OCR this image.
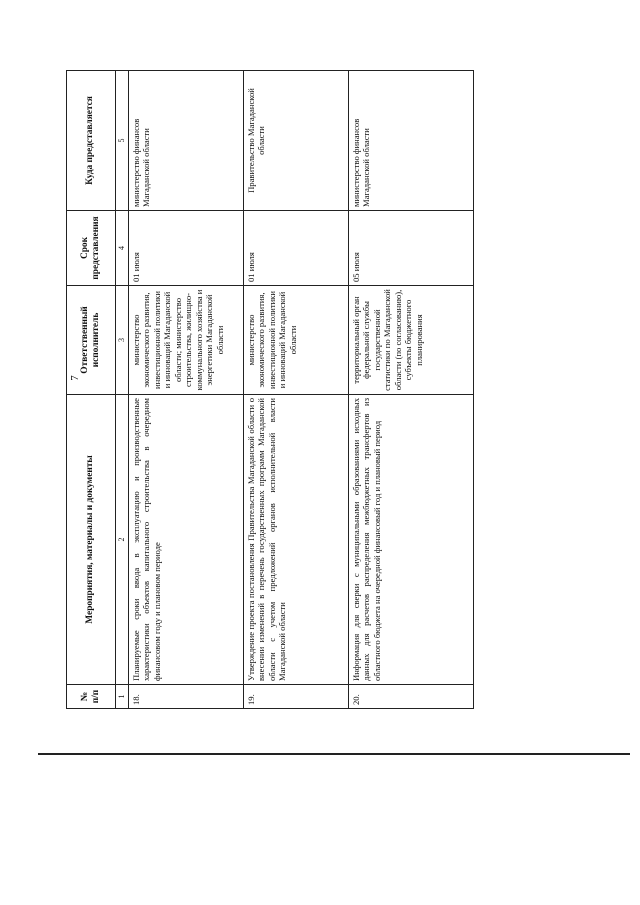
7
№ п/п	Мероприятия, материалы и документы	Ответственный исполнитель	Срок представления	Куда представляется
1	2	3	4	5
18.	Планируемые сроки ввода в эксплуатацию и производственные характеристики объектов капитального строительства в очередном финансовом году и плановом периоде	министерство экономического развития, инвестиционной политики и инноваций Магаданской области; министерство строительства, жилищно-коммунального хозяйства и энергетики Магаданской области	01 июля	министерство финансов Магаданской области
19.	Утверждение проекта постановления Правительства Магаданской области о внесении изменений в перечень государственных программ Магаданской области с учетом предложений органов исполнительной власти Магаданской области	министерство экономического развития, инвестиционной политики и инноваций Магаданской области	01 июля	Правительство Магаданской области
20.	Информация для сверки с муниципальными образованиями исходных данных для расчетов распределения межбюджетных трансфертов из областного бюджета на очередной финансовый год и плановый период	территориальный орган федеральной службы государственной статистики по Магаданской области (по согласованию), субъекты бюджетного планирования	05 июля	министерство финансов Магаданской области
